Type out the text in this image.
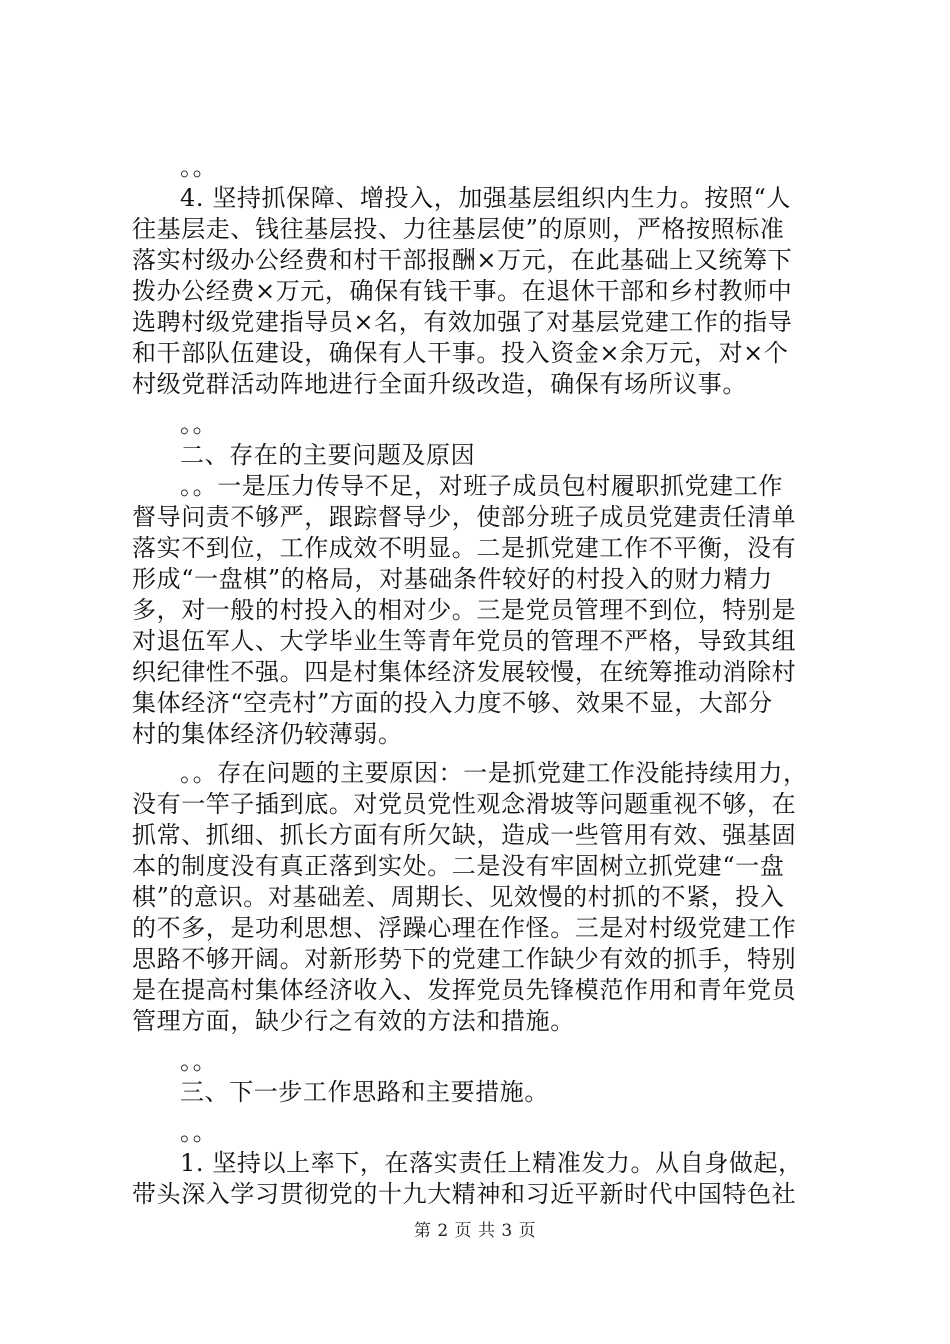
。。
4. 坚持抓保障、增投入，加强基层组织内生力。按照“人
往基层走、钱往基层投、力往基层使”的原则，严格按照标准
落实村级办公经费和村干部报酬×万元，在此基础上又统筹下
拨办公经费×万元，确保有钱干事。在退休干部和乡村教师中
选聘村级党建指导员×名，有效加强了对基层党建工作的指导
和干部队伍建设，确保有人干事。投入资金×余万元，对×个
村级党群活动阵地进行全面升级改造，确保有场所议事。
。。
二、存在的主要问题及原因
。。一是压力传导不足，对班子成员包村履职抓党建工作
督导问责不够严，跟踪督导少，使部分班子成员党建责任清单
落实不到位，工作成效不明显。二是抓党建工作不平衡，没有
形成“一盘棋”的格局，对基础条件较好的村投入的财力精力
多，对一般的村投入的相对少。三是党员管理不到位，特别是
对退伍军人、大学毕业生等青年党员的管理不严格，导致其组
织纪律性不强。四是村集体经济发展较慢，在统筹推动消除村
集体经济“空壳村”方面的投入力度不够、效果不显，大部分
村的集体经济仍较薄弱。
。。存在问题的主要原因：一是抓党建工作没能持续用力，
没有一竿子插到底。对党员党性观念滑坡等问题重视不够，在
抓常、抓细、抓长方面有所欠缺，造成一些管用有效、强基固
本的制度没有真正落到实处。二是没有牢固树立抓党建“一盘
棋”的意识。对基础差、周期长、见效慢的村抓的不紧，投入
的不多，是功利思想、浮躁心理在作怪。三是对村级党建工作
思路不够开阔。对新形势下的党建工作缺少有效的抓手，特别
是在提高村集体经济收入、发挥党员先锋模范作用和青年党员
管理方面，缺少行之有效的方法和措施。
。。
三、下一步工作思路和主要措施。
。。
1. 坚持以上率下，在落实责任上精准发力。从自身做起，
带头深入学习贯彻党的十九大精神和习近平新时代中国特色社
第 2 页 共 3 页
